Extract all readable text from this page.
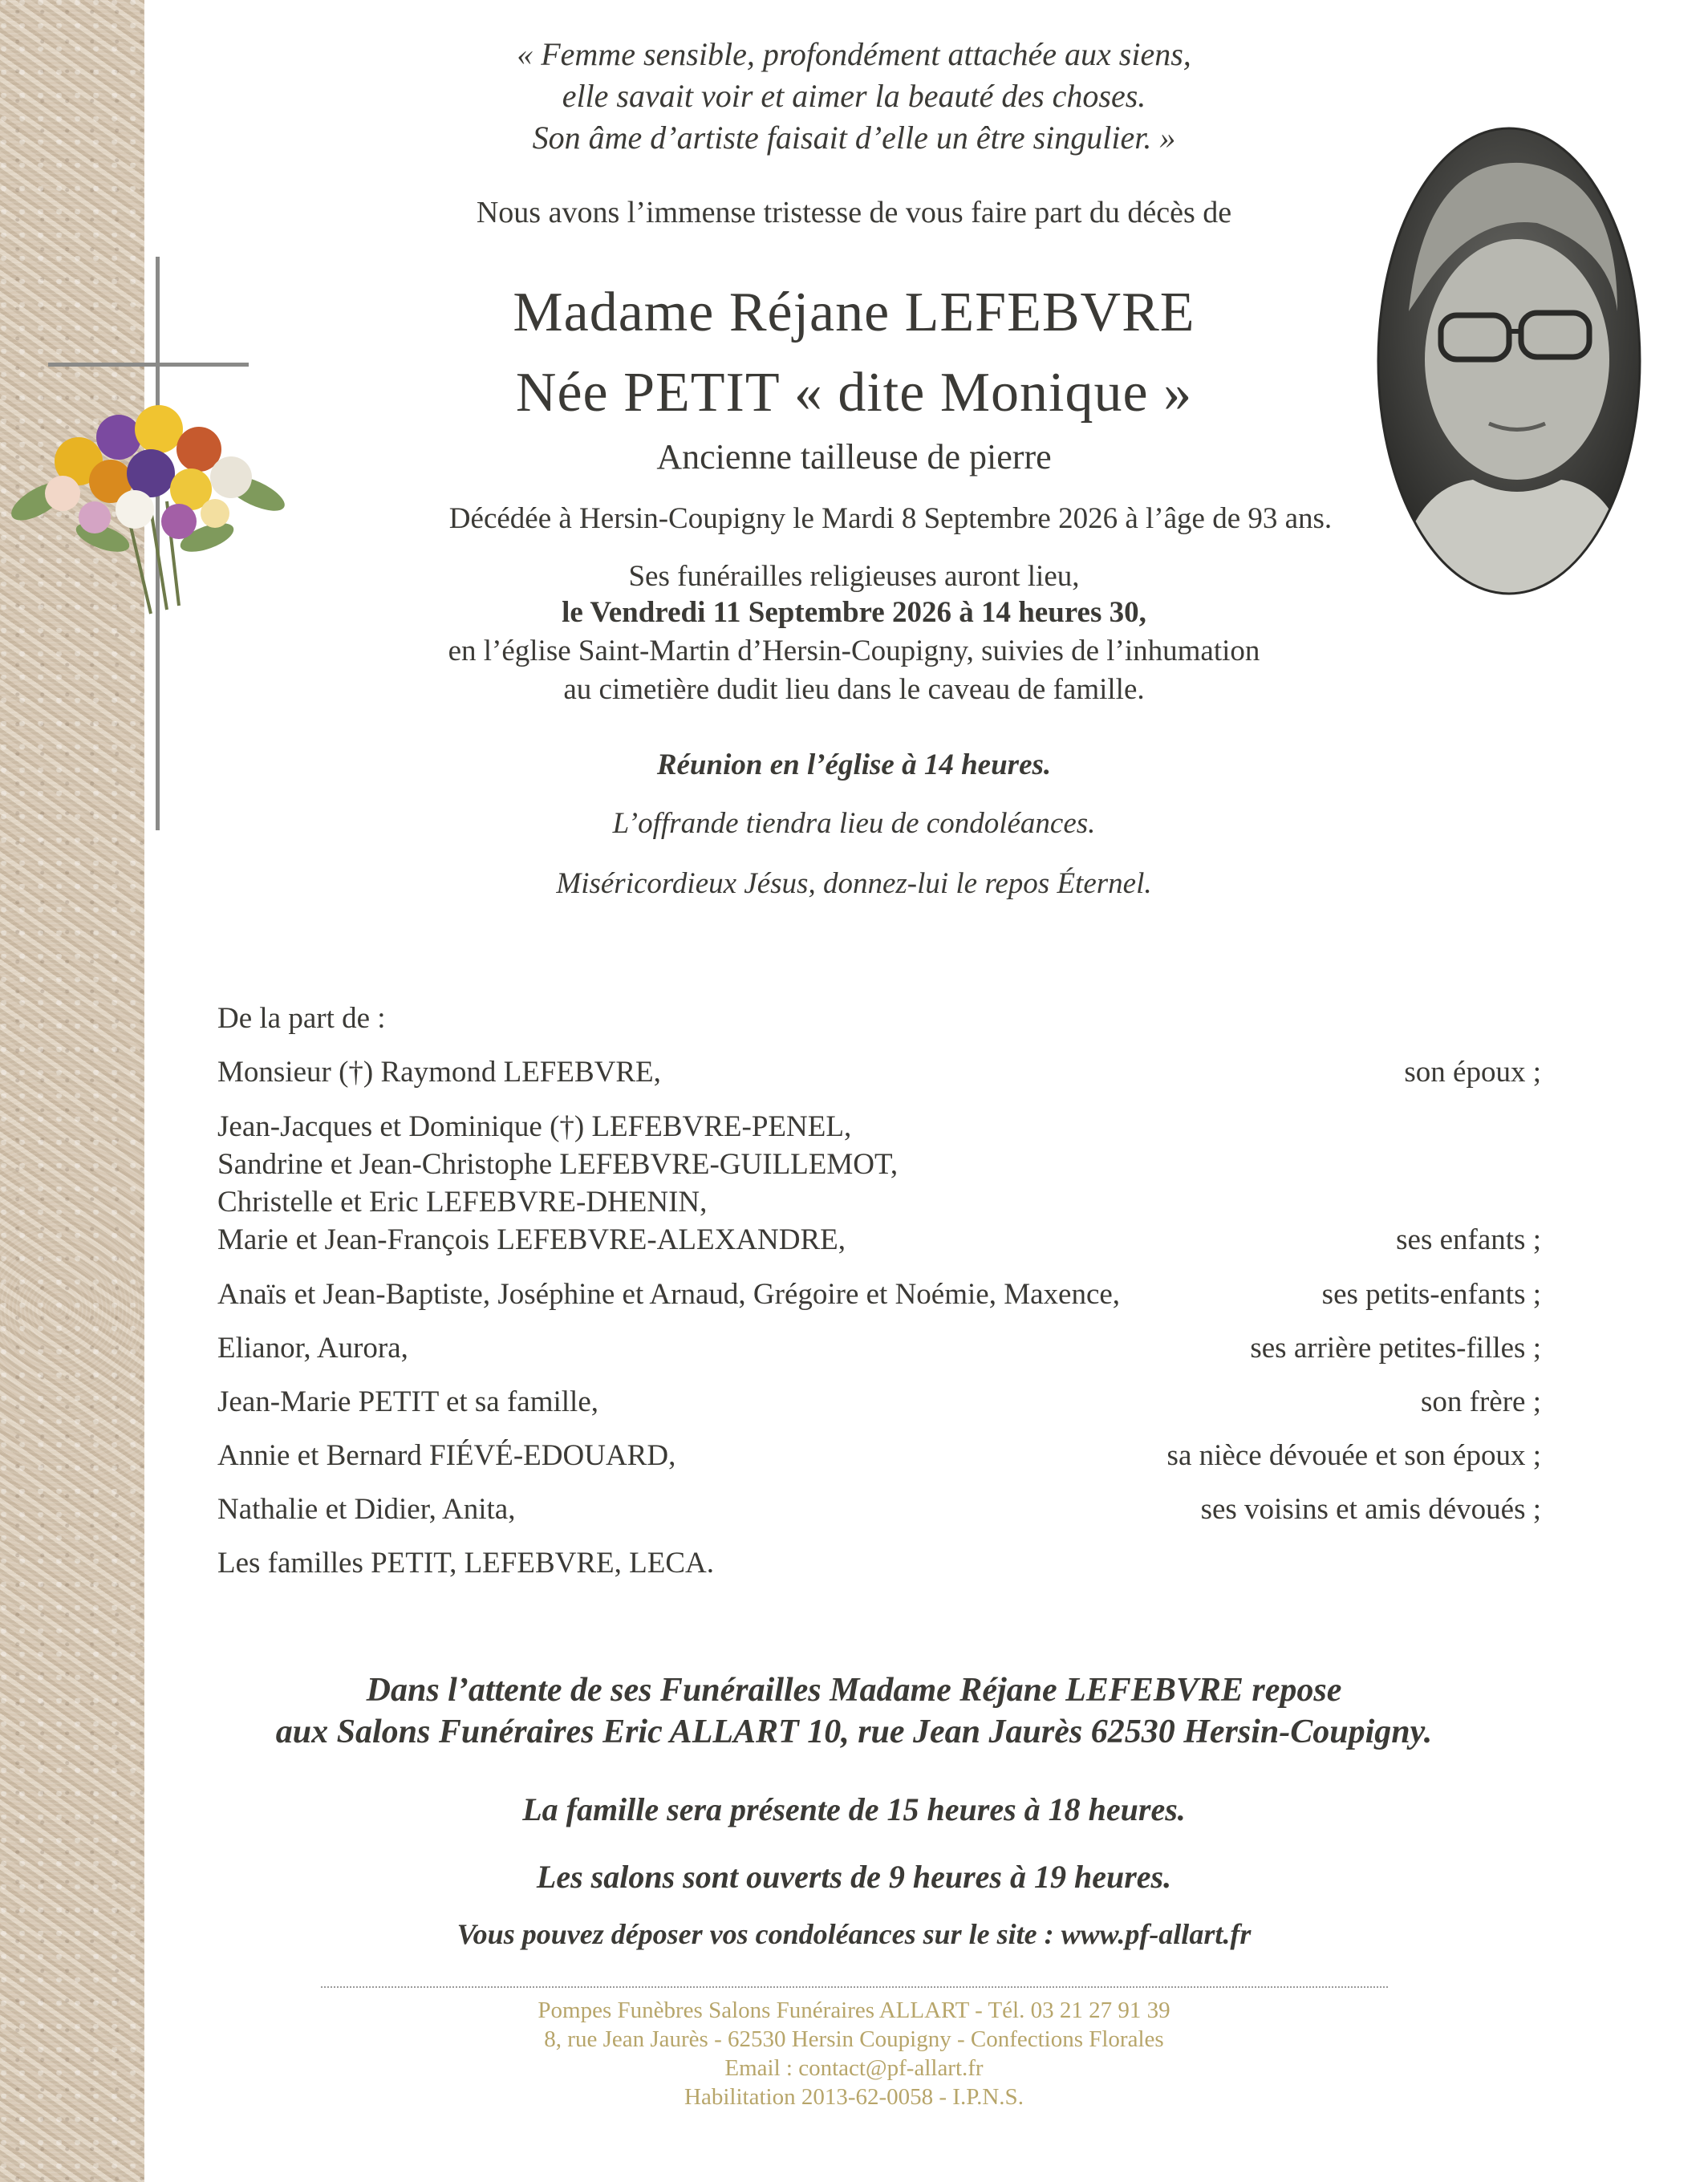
« Femme sensible, profondément attachée aux siens,
elle savait voir et aimer la beauté des choses.
Son âme d’artiste faisait d’elle un être singulier. »

Nous avons l’immense tristesse de vous faire part du décès de

Madame Réjane LEFEBVRE

Née PETIT « dite Monique »

Ancienne tailleuse de pierre

Décédée à Hersin-Coupigny le Mardi 8 Septembre 2026 à l’âge de 93 ans.

Ses funérailles religieuses auront lieu,

le Vendredi 11 Septembre 2026 à 14 heures 30,

en l’église Saint-Martin d’Hersin-Coupigny, suivies de l’inhumation

au cimetière dudit lieu dans le caveau de famille.

Réunion en l’église à 14 heures.

L’offrande tiendra lieu de condoléances.

Miséricordieux Jésus, donnez-lui le repos Éternel.

De la part de :
Monsieur (†) Raymond LEFEBVRE,	son époux ;
Jean-Jacques et Dominique (†) LEFEBVRE-PENEL,
Sandrine et Jean-Christophe LEFEBVRE-GUILLEMOT,
Christelle et Eric LEFEBVRE-DHENIN,
Marie et Jean-François LEFEBVRE-ALEXANDRE,	ses enfants ;
Anaïs et Jean-Baptiste, Joséphine et Arnaud, Grégoire et Noémie, Maxence,	ses petits-enfants ;
Elianor, Aurora,	ses arrière petites-filles ;
Jean-Marie PETIT et sa famille,	son frère ;
Annie et Bernard FIÉVÉ-EDOUARD,	sa nièce dévouée et son époux ;
Nathalie et Didier, Anita,	ses voisins et amis dévoués ;
Les familles PETIT, LEFEBVRE, LECA.

Dans l’attente de ses Funérailles Madame Réjane LEFEBVRE repose

aux Salons Funéraires Eric ALLART 10, rue Jean Jaurès 62530 Hersin-Coupigny.

La famille sera présente de 15 heures à 18 heures.

Les salons sont ouverts de 9 heures à 19 heures.

Vous pouvez déposer vos condoléances sur le site : www.pf-allart.fr

Pompes Funèbres Salons Funéraires ALLART - Tél. 03 21 27 91 39

8, rue Jean Jaurès - 62530 Hersin Coupigny - Confections Florales

Email : contact@pf-allart.fr

Habilitation 2013-62-0058 - I.P.N.S.
